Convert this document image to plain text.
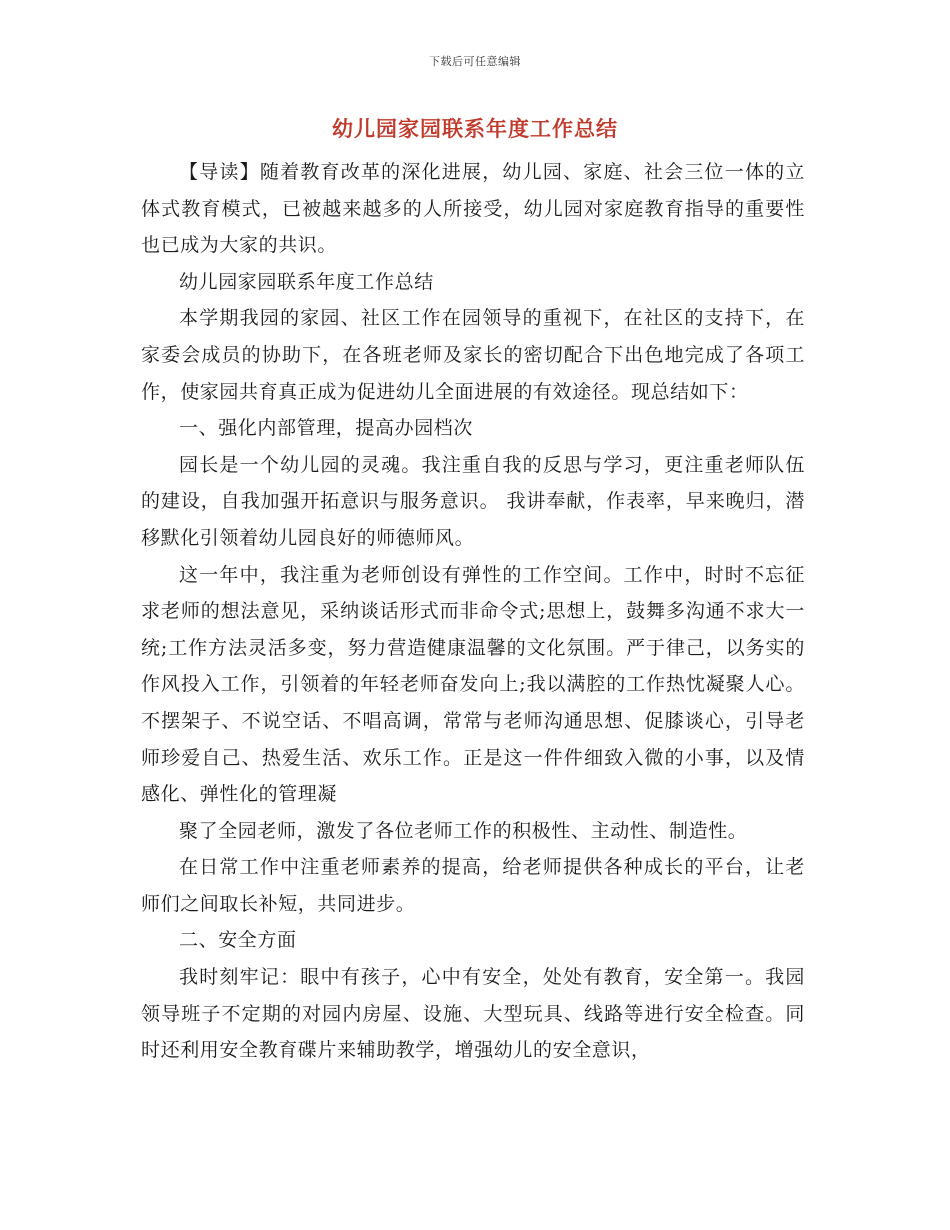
下载后可任意编辑
幼儿园家园联系年度工作总结

【导读】随着教育改革的深化进展，幼儿园、家庭、社会三位一体的立体式教育模式，已被越来越多的人所接受，幼儿园对家庭教育指导的重要性也已成为大家的共识。

幼儿园家园联系年度工作总结

本学期我园的家园、社区工作在园领导的重视下，在社区的支持下，在家委会成员的协助下，在各班老师及家长的密切配合下出色地完成了各项工作，使家园共育真正成为促进幼儿全面进展的有效途径。现总结如下：

一、强化内部管理，提高办园档次

园长是一个幼儿园的灵魂。我注重自我的反思与学习，更注重老师队伍的建设，自我加强开拓意识与服务意识。 我讲奉献，作表率，早来晚归，潜移默化引领着幼儿园良好的师德师风。

这一年中，我注重为老师创设有弹性的工作空间。工作中，时时不忘征求老师的想法意见，采纳谈话形式而非命令式;思想上，鼓舞多沟通不求大一统;工作方法灵活多变，努力营造健康温馨的文化氛围。严于律己，以务实的作风投入工作，引领着的年轻老师奋发向上;我以满腔的工作热忱凝聚人心。不摆架子、不说空话、不唱高调，常常与老师沟通思想、促膝谈心，引导老师珍爱自己、热爱生活、欢乐工作。正是这一件件细致入微的小事，以及情感化、弹性化的管理凝

聚了全园老师，激发了各位老师工作的积极性、主动性、制造性。

在日常工作中注重老师素养的提高，给老师提供各种成长的平台，让老师们之间取长补短，共同进步。

二、安全方面

我时刻牢记：眼中有孩子，心中有安全，处处有教育，安全第一。我园领导班子不定期的对园内房屋、设施、大型玩具、线路等进行安全检查。同时还利用安全教育碟片来辅助教学，增强幼儿的安全意识，
